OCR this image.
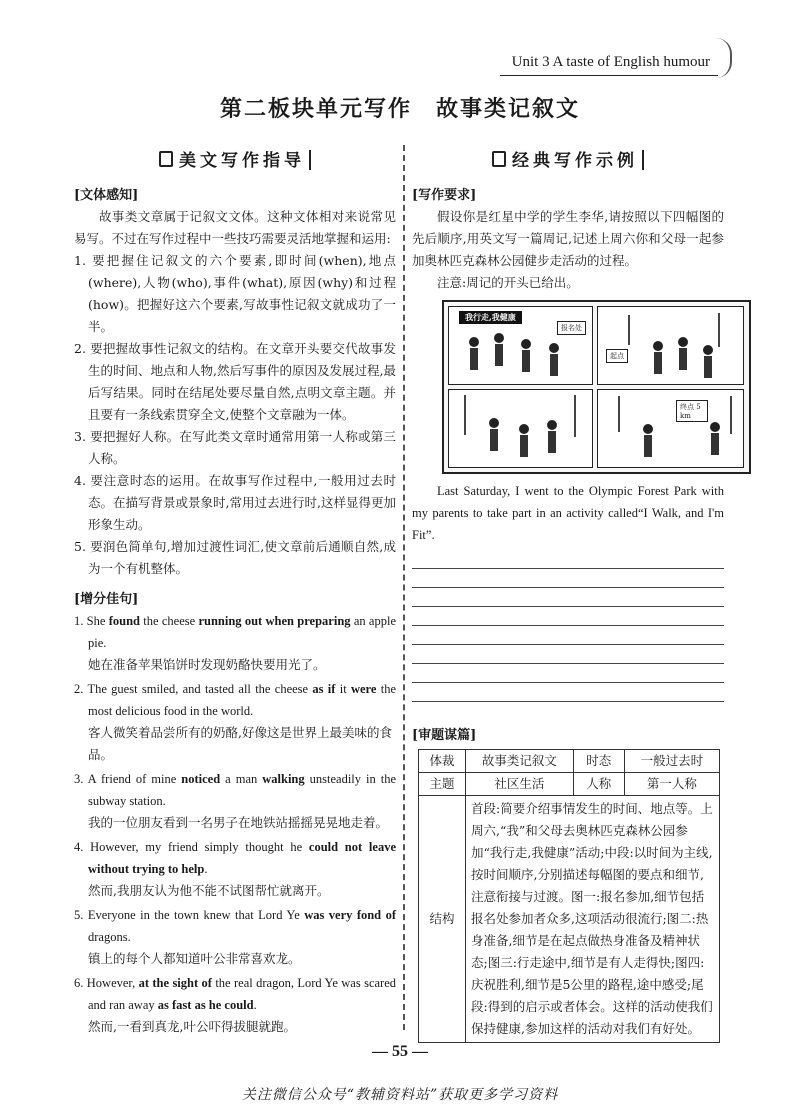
Unit 3 A taste of English humour
第二板块单元写作　故事类记叙文
美文写作指导
[文体感知]
故事类文章属于记叙文文体。这种文体相对来说常见易写。不过在写作过程中一些技巧需要灵活地掌握和运用:
1. 要把握住记叙文的六个要素,即时间(when),地点(where),人物(who),事件(what),原因(why)和过程(how)。把握好这六个要素,写故事性记叙文就成功了一半。
2. 要把握故事性记叙文的结构。在文章开头要交代故事发生的时间、地点和人物,然后写事件的原因及发展过程,最后写结果。同时在结尾处要尽量自然,点明文章主题。并且要有一条线索贯穿全文,使整个文章融为一体。
3. 要把握好人称。在写此类文章时通常用第一人称或第三人称。
4. 要注意时态的运用。在故事写作过程中,一般用过去时态。在描写背景或景象时,常用过去进行时,这样显得更加形象生动。
5. 要润色简单句,增加过渡性词汇,使文章前后通顺自然,成为一个有机整体。
[增分佳句]
1. She found the cheese running out when preparing an apple pie.
她在准备苹果馅饼时发现奶酪快要用光了。
2. The guest smiled, and tasted all the cheese as if it were the most delicious food in the world.
客人微笑着品尝所有的奶酪,好像这是世界上最美味的食品。
3. A friend of mine noticed a man walking unsteadily in the subway station.
我的一位朋友看到一名男子在地铁站摇摇晃晃地走着。
4. However, my friend simply thought he could not leave without trying to help.
然而,我朋友认为他不能不试图帮忙就离开。
5. Everyone in the town knew that Lord Ye was very fond of dragons.
镇上的每个人都知道叶公非常喜欢龙。
6. However, at the sight of the real dragon, Lord Ye was scared and ran away as fast as he could.
然而,一看到真龙,叶公吓得拔腿就跑。
经典写作示例
[写作要求]
假设你是红星中学的学生李华,请按照以下四幅图的先后顺序,用英文写一篇周记,记述上周六你和父母一起参加奥林匹克森林公园健步走活动的过程。
注意:周记的开头已给出。
我行走,我健康
报名处
起点
终点 5 km
Last Saturday, I went to the Olympic Forest Park with my parents to take part in an activity called“I Walk, and I'm Fit”.
[审题谋篇]
体裁	故事类记叙文	时态	一般过去时
主题	社区生活	人称	第一人称
结构	首段:简要介绍事情发生的时间、地点等。上周六,“我”和父母去奥林匹克森林公园参加“我行走,我健康”活动;中段:以时间为主线,按时间顺序,分别描述每幅图的要点和细节,注意衔接与过渡。图一:报名参加,细节包括报名处参加者众多,这项活动很流行;图二:热身准备,细节是在起点做热身准备及精神状态;图三:行走途中,细节是有人走得快;图四:庆祝胜利,细节是5公里的路程,途中感受;尾段:得到的启示或者体会。这样的活动使我们保持健康,参加这样的活动对我们有好处。		
— 55 —
关注微信公众号“教辅资料站”获取更多学习资料
